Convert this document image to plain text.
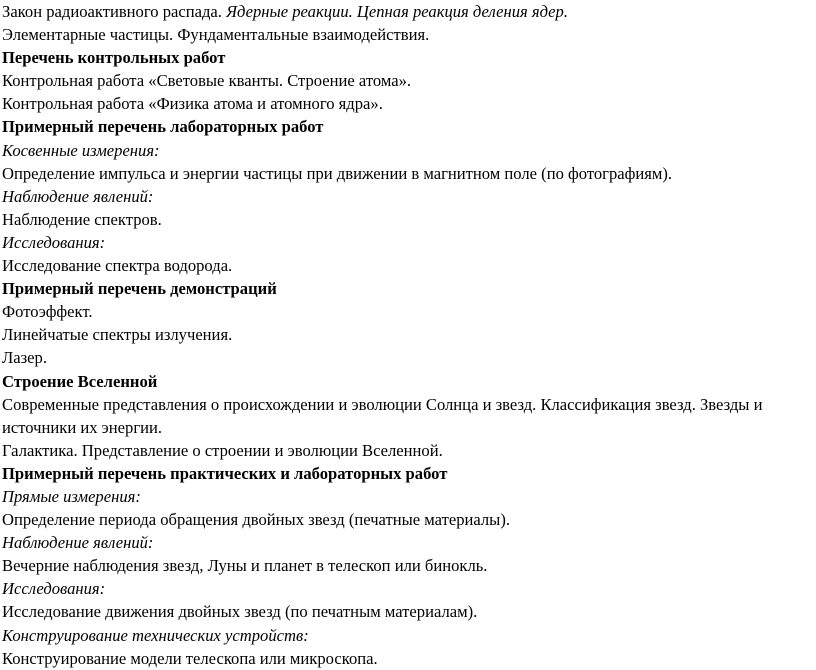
Закон радиоактивного распада. Ядерные реакции. Цепная реакция деления ядер.

Элементарные частицы. Фундаментальные взаимодействия.

Перечень контрольных работ

Контрольная работа «Световые кванты. Строение атома».

Контрольная работа «Физика атома и атомного ядра».

Примерный перечень лабораторных работ

Косвенные измерения:

Определение импульса и энергии частицы при движении в магнитном поле (по фотографиям).

Наблюдение явлений:

Наблюдение спектров.

Исследования:

Исследование спектра водорода.

Примерный перечень демонстраций

Фотоэффект.

Линейчатые спектры излучения.

Лазер.

Строение Вселенной

Современные представления о происхождении и эволюции Солнца и звезд. Классификация звезд. Звезды и источники их энергии.

Галактика. Представление о строении и эволюции Вселенной.

Примерный перечень практических и лабораторных работ

Прямые измерения:

Определение периода обращения двойных звезд (печатные материалы).

Наблюдение явлений:

Вечерние наблюдения звезд, Луны и планет в телескоп или бинокль.

Исследования:

Исследование движения двойных звезд (по печатным материалам).

Конструирование технических устройств:

Конструирование модели телескопа или микроскопа.
